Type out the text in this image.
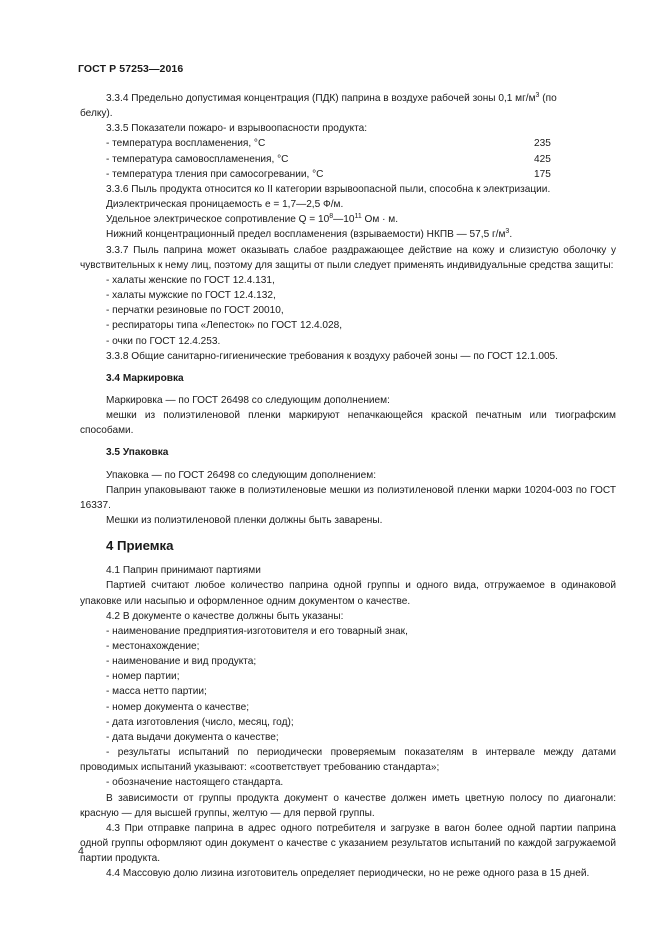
ГОСТ Р 57253—2016

3.3.4 Предельно допустимая концентрация (ПДК) паприна в воздухе рабочей зоны 0,1 $мг/м^3$ (по
белку).

3.3.5 Показатели пожаро- и взрывоопасности продукта:

- температура воспламенения, °C	235
- температура самовоспламенения, °C	425
- температура тления при самосогревании, °C	175

3.3.6 Пыль продукта относится ко II категории взрывоопасной пыли, способна к электризации.

Диэлектрическая проницаемость e = 1,7—2,5 Ф/м.

Удельное электрическое сопротивление $Q = 10^8—10^{11}$ Ом · м.

Нижний концентрационный предел воспламенения (взрываемости) НКПВ — 57,5 $г/м^3$.

3.3.7 Пыль паприна может оказывать слабое раздражающее действие на кожу и слизистую оболочку у чувствительных к нему лиц, поэтому для защиты от пыли следует применять индивидуальные средства защиты:

- халаты женские по ГОСТ 12.4.131,

- халаты мужские по ГОСТ 12.4.132,

- перчатки резиновые по ГОСТ 20010,

- респираторы типа «Лепесток» по ГОСТ 12.4.028,

- очки по ГОСТ 12.4.253.

3.3.8 Общие санитарно-гигиенические требования к воздуху рабочей зоны — по ГОСТ 12.1.005.

3.4 Маркировка

Маркировка — по ГОСТ 26498 со следующим дополнением:

мешки из полиэтиленовой пленки маркируют непачкающейся краской печатным или тиографским способами.

3.5 Упаковка

Упаковка — по ГОСТ 26498 со следующим дополнением:

Паприн упаковывают также в полиэтиленовые мешки из полиэтиленовой пленки марки 10204-003 по ГОСТ 16337.

Мешки из полиэтиленовой пленки должны быть заварены.

4 Приемка

4.1 Паприн принимают партиями

Партией считают любое количество паприна одной группы и одного вида, отгружаемое в одинаковой упаковке или насыпью и оформленное одним документом о качестве.

4.2 В документе о качестве должны быть указаны:

- наименование предприятия-изготовителя и его товарный знак,

- местонахождение;

- наименование и вид продукта;

- номер партии;

- масса нетто партии;

- номер документа о качестве;

- дата изготовления (число, месяц, год);

- дата выдачи документа о качестве;

- результаты испытаний по периодически проверяемым показателям в интервале между датами проводимых испытаний указывают: «соответствует требованию стандарта»;

- обозначение настоящего стандарта.

В зависимости от группы продукта документ о качестве должен иметь цветную полосу по диагонали: красную — для высшей группы, желтую — для первой группы.

4.3 При отправке паприна в адрес одного потребителя и загрузке в вагон более одной партии паприна одной группы оформляют один документ о качестве с указанием результатов испытаний по каждой загружаемой партии продукта.

4.4 Массовую долю лизина изготовитель определяет периодически, но не реже одного раза в 15 дней.

4
